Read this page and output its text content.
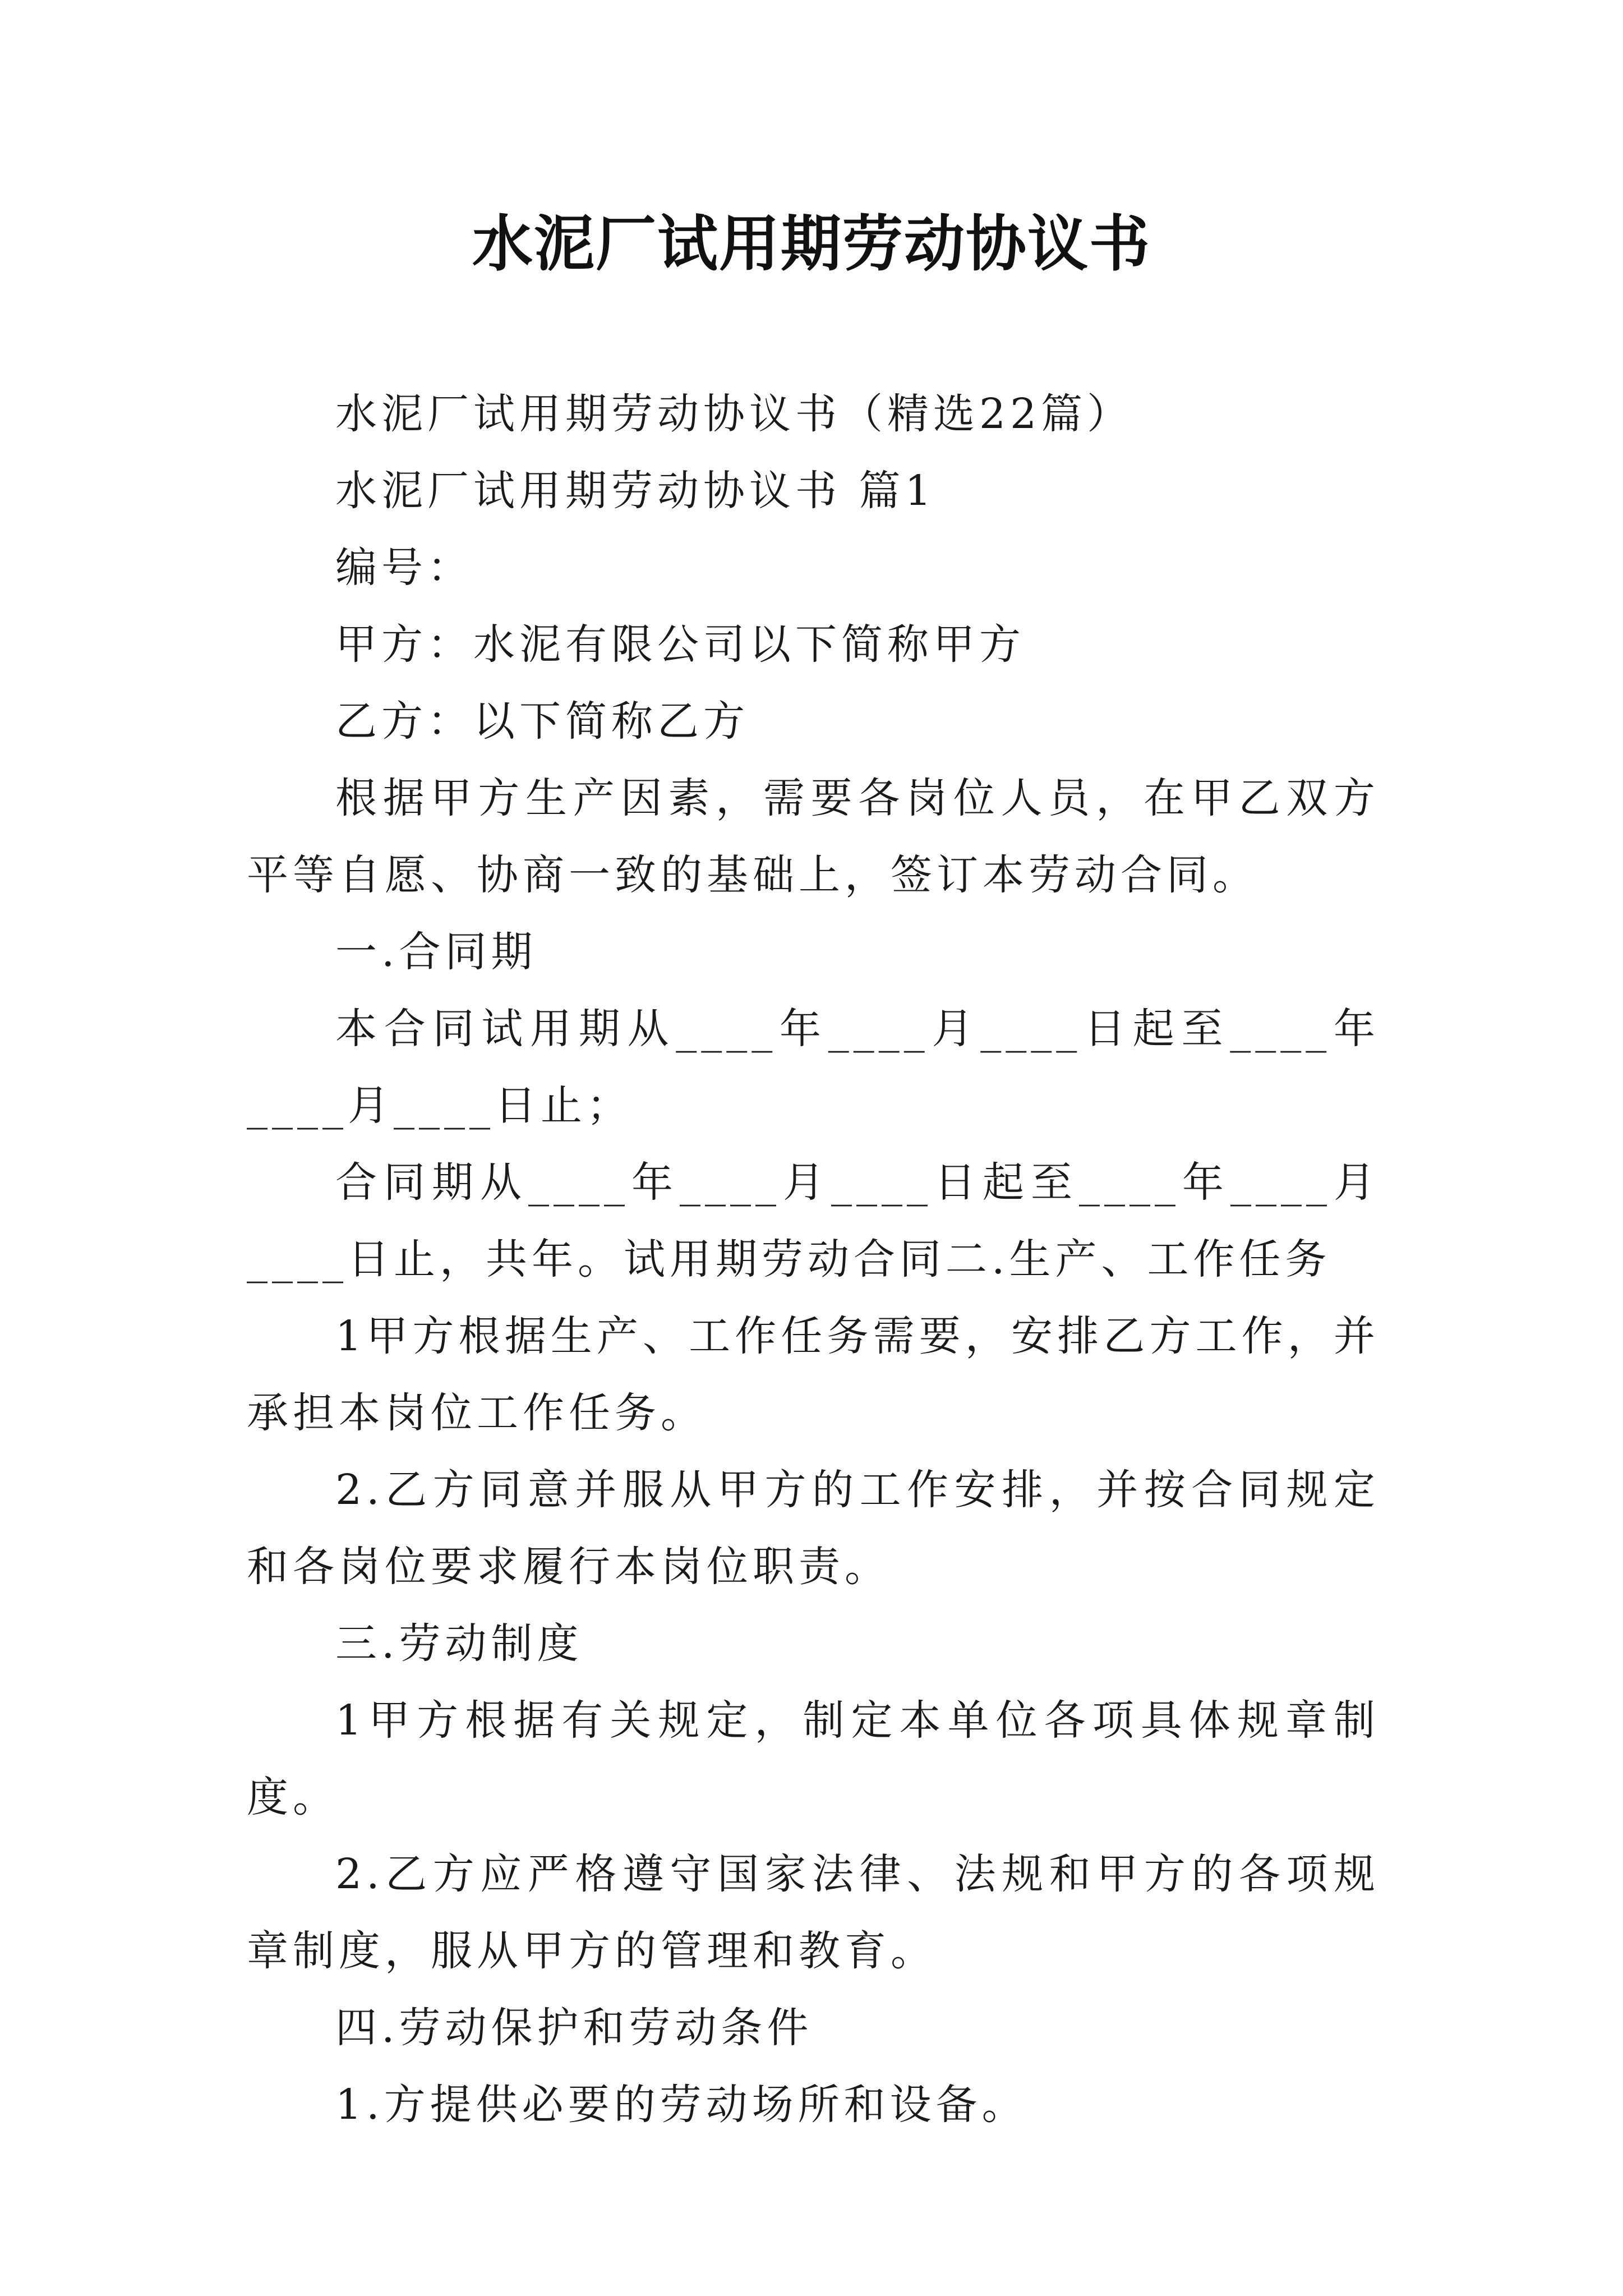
水泥厂试用期劳动协议书

水泥厂试用期劳动协议书（精选22篇）

水泥厂试用期劳动协议书 篇1

编号：

甲方：水泥有限公司以下简称甲方

乙方：以下简称乙方

根据甲方生产因素，需要各岗位人员，在甲乙双方平等自愿、协商一致的基础上，签订本劳动合同。

一.合同期

本合同试用期从____年____月____日起至____年____月____日止；

合同期从____年____月____日起至____年____月____日止，共年。试用期劳动合同二.生产、工作任务

1甲方根据生产、工作任务需要，安排乙方工作，并承担本岗位工作任务。

2.乙方同意并服从甲方的工作安排，并按合同规定和各岗位要求履行本岗位职责。

三.劳动制度

1甲方根据有关规定，制定本单位各项具体规章制度。

2.乙方应严格遵守国家法律、法规和甲方的各项规章制度，服从甲方的管理和教育。

四.劳动保护和劳动条件

1.方提供必要的劳动场所和设备。
